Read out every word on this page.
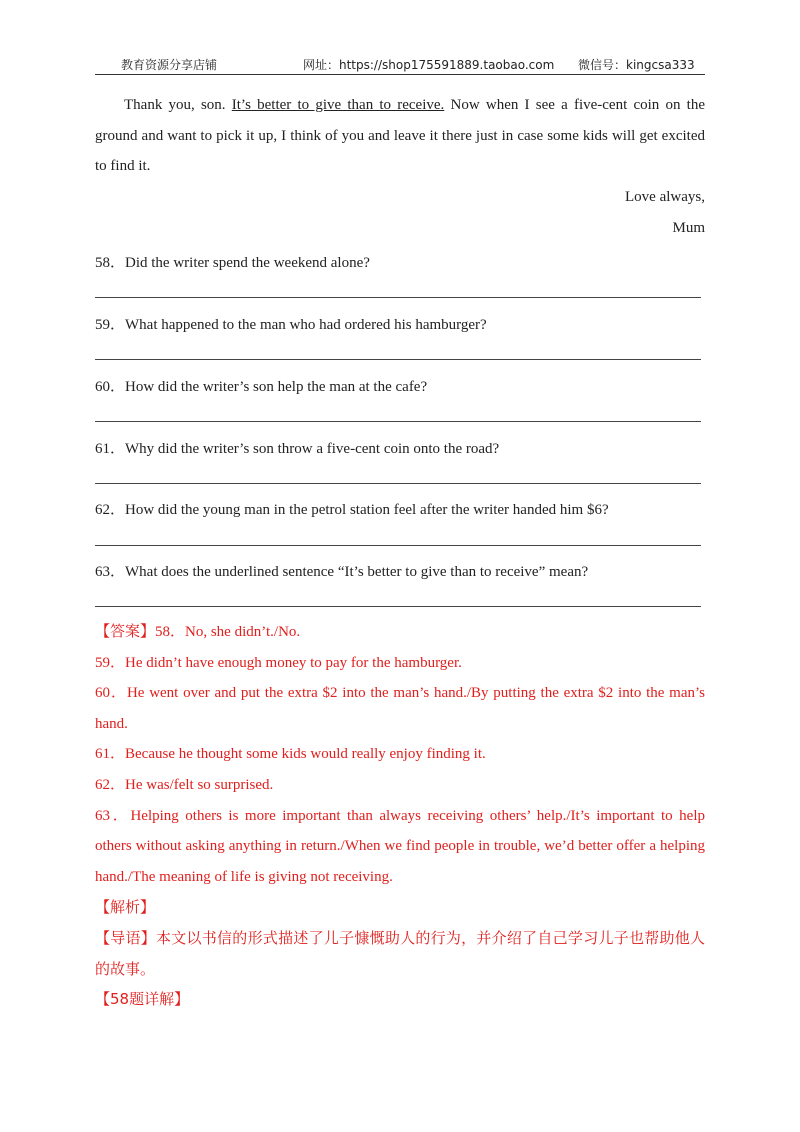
教育资源分享店铺	网址：https://shop175591889.taobao.com 微信号：kingcsa333
Thank you, son. It’s better to give than to receive. Now when I see a five-cent coin on the ground and want to pick it up, I think of you and leave it there just in case some kids will get excited to find it.
Love always,
Mum
58．Did the writer spend the weekend alone?
59．What happened to the man who had ordered his hamburger?
60．How did the writer’s son help the man at the cafe?
61．Why did the writer’s son throw a five-cent coin onto the road?
62．How did the young man in the petrol station feel after the writer handed him $6?
63．What does the underlined sentence “It’s better to give than to receive” mean?
【答案】58．No, she didn’t./No.
59．He didn’t have enough money to pay for the hamburger.
60．He went over and put the extra $2 into the man’s hand./By putting the extra $2 into the man’s hand.
61．Because he thought some kids would really enjoy finding it.
62．He was/felt so surprised.
63．Helping others is more important than always receiving others’ help./It’s important to help others without asking anything in return./When we find people in trouble, we’d better offer a helping hand./The meaning of life is giving not receiving.
【解析】
【导语】本文以书信的形式描述了儿子慷慨助人的行为，并介绍了自己学习儿子也帮助他人的故事。
【58题详解】
